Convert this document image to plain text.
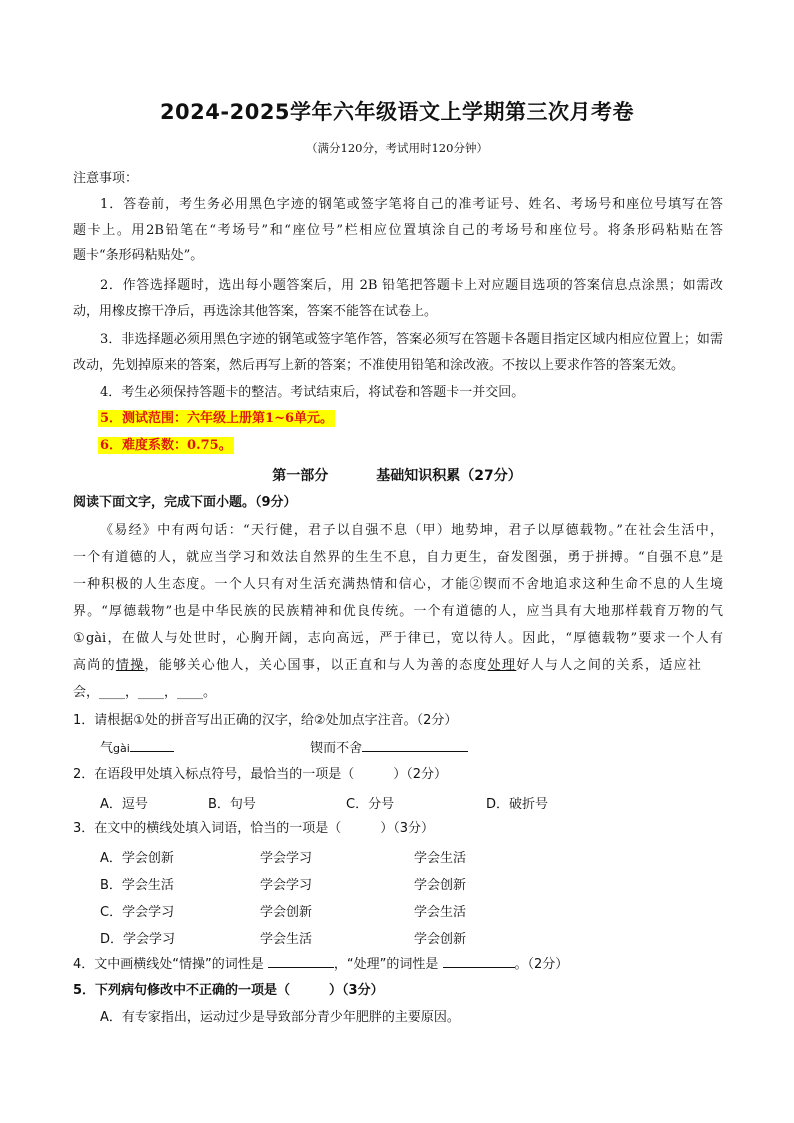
2024-2025学年六年级语文上学期第三次月考卷
（满分120分，考试用时120分钟）
注意事项：
1．答卷前，考生务必用黑色字迹的钢笔或签字笔将自己的准考证号、姓名、考场号和座位号填写在答
题卡上。用2B铅笔在“考场号”和“座位号”栏相应位置填涂自己的考场号和座位号。将条形码粘贴在答
题卡“条形码粘贴处”。
2．作答选择题时，选出每小题答案后，用 2B 铅笔把答题卡上对应题目选项的答案信息点涂黑；如需改
动，用橡皮擦干净后，再选涂其他答案，答案不能答在试卷上。
3．非选择题必须用黑色字迹的钢笔或签字笔作答，答案必须写在答题卡各题目指定区域内相应位置上；如需
改动，先划掉原来的答案，然后再写上新的答案；不准使用铅笔和涂改液。不按以上要求作答的答案无效。
4．考生必须保持答题卡的整洁。考试结束后，将试卷和答题卡一并交回。
5．测试范围：六年级上册第1~6单元。
6．难度系数：0.75。
第一部分	基础知识积累（27分）
阅读下面文字，完成下面小题。（9分）
《易经》中有两句话：“天行健，君子以自强不息（甲）地势坤，君子以厚德载物。”在社会生活中，
一个有道德的人，就应当学习和效法自然界的生生不息，自力更生，奋发图强，勇于拼搏。“自强不息”是
一种积极的人生态度。一个人只有对生活充满热情和信心，才能②锲而不舍地追求这种生命不息的人生境
界。“厚德载物”也是中华民族的民族精神和优良传统。一个有道德的人，应当具有大地那样载育万物的气
①gài，在做人与处世时，心胸开阔，志向高远，严于律已，宽以待人。因此，“厚德载物”要求一个人有
高尚的情操，能够关心他人，关心国事，以正直和与人为善的态度处理好人与人之间的关系，适应社
会，____，____，____。
1．请根据①处的拼音写出正确的汉字，给②处加点字注音。（2分）
气gài	锲而不舍
2．在语段甲处填入标点符号，最恰当的一项是（　　　）（2分）
A．逗号	B．句号	C．分号	D．破折号
3．在文中的横线处填入词语，恰当的一项是（　　　）（3分）
A．学会创新	学会学习	学会生活
B．学会生活	学会学习	学会创新
C．学会学习	学会创新	学会生活
D．学会学习	学会生活	学会创新
4．文中画横线处“情操”的词性是	，“处理”的词性是	。（2分）
5．下列病句修改中不正确的一项是（　　　）（3分）
A．有专家指出，运动过少是导致部分青少年肥胖的主要原因。
